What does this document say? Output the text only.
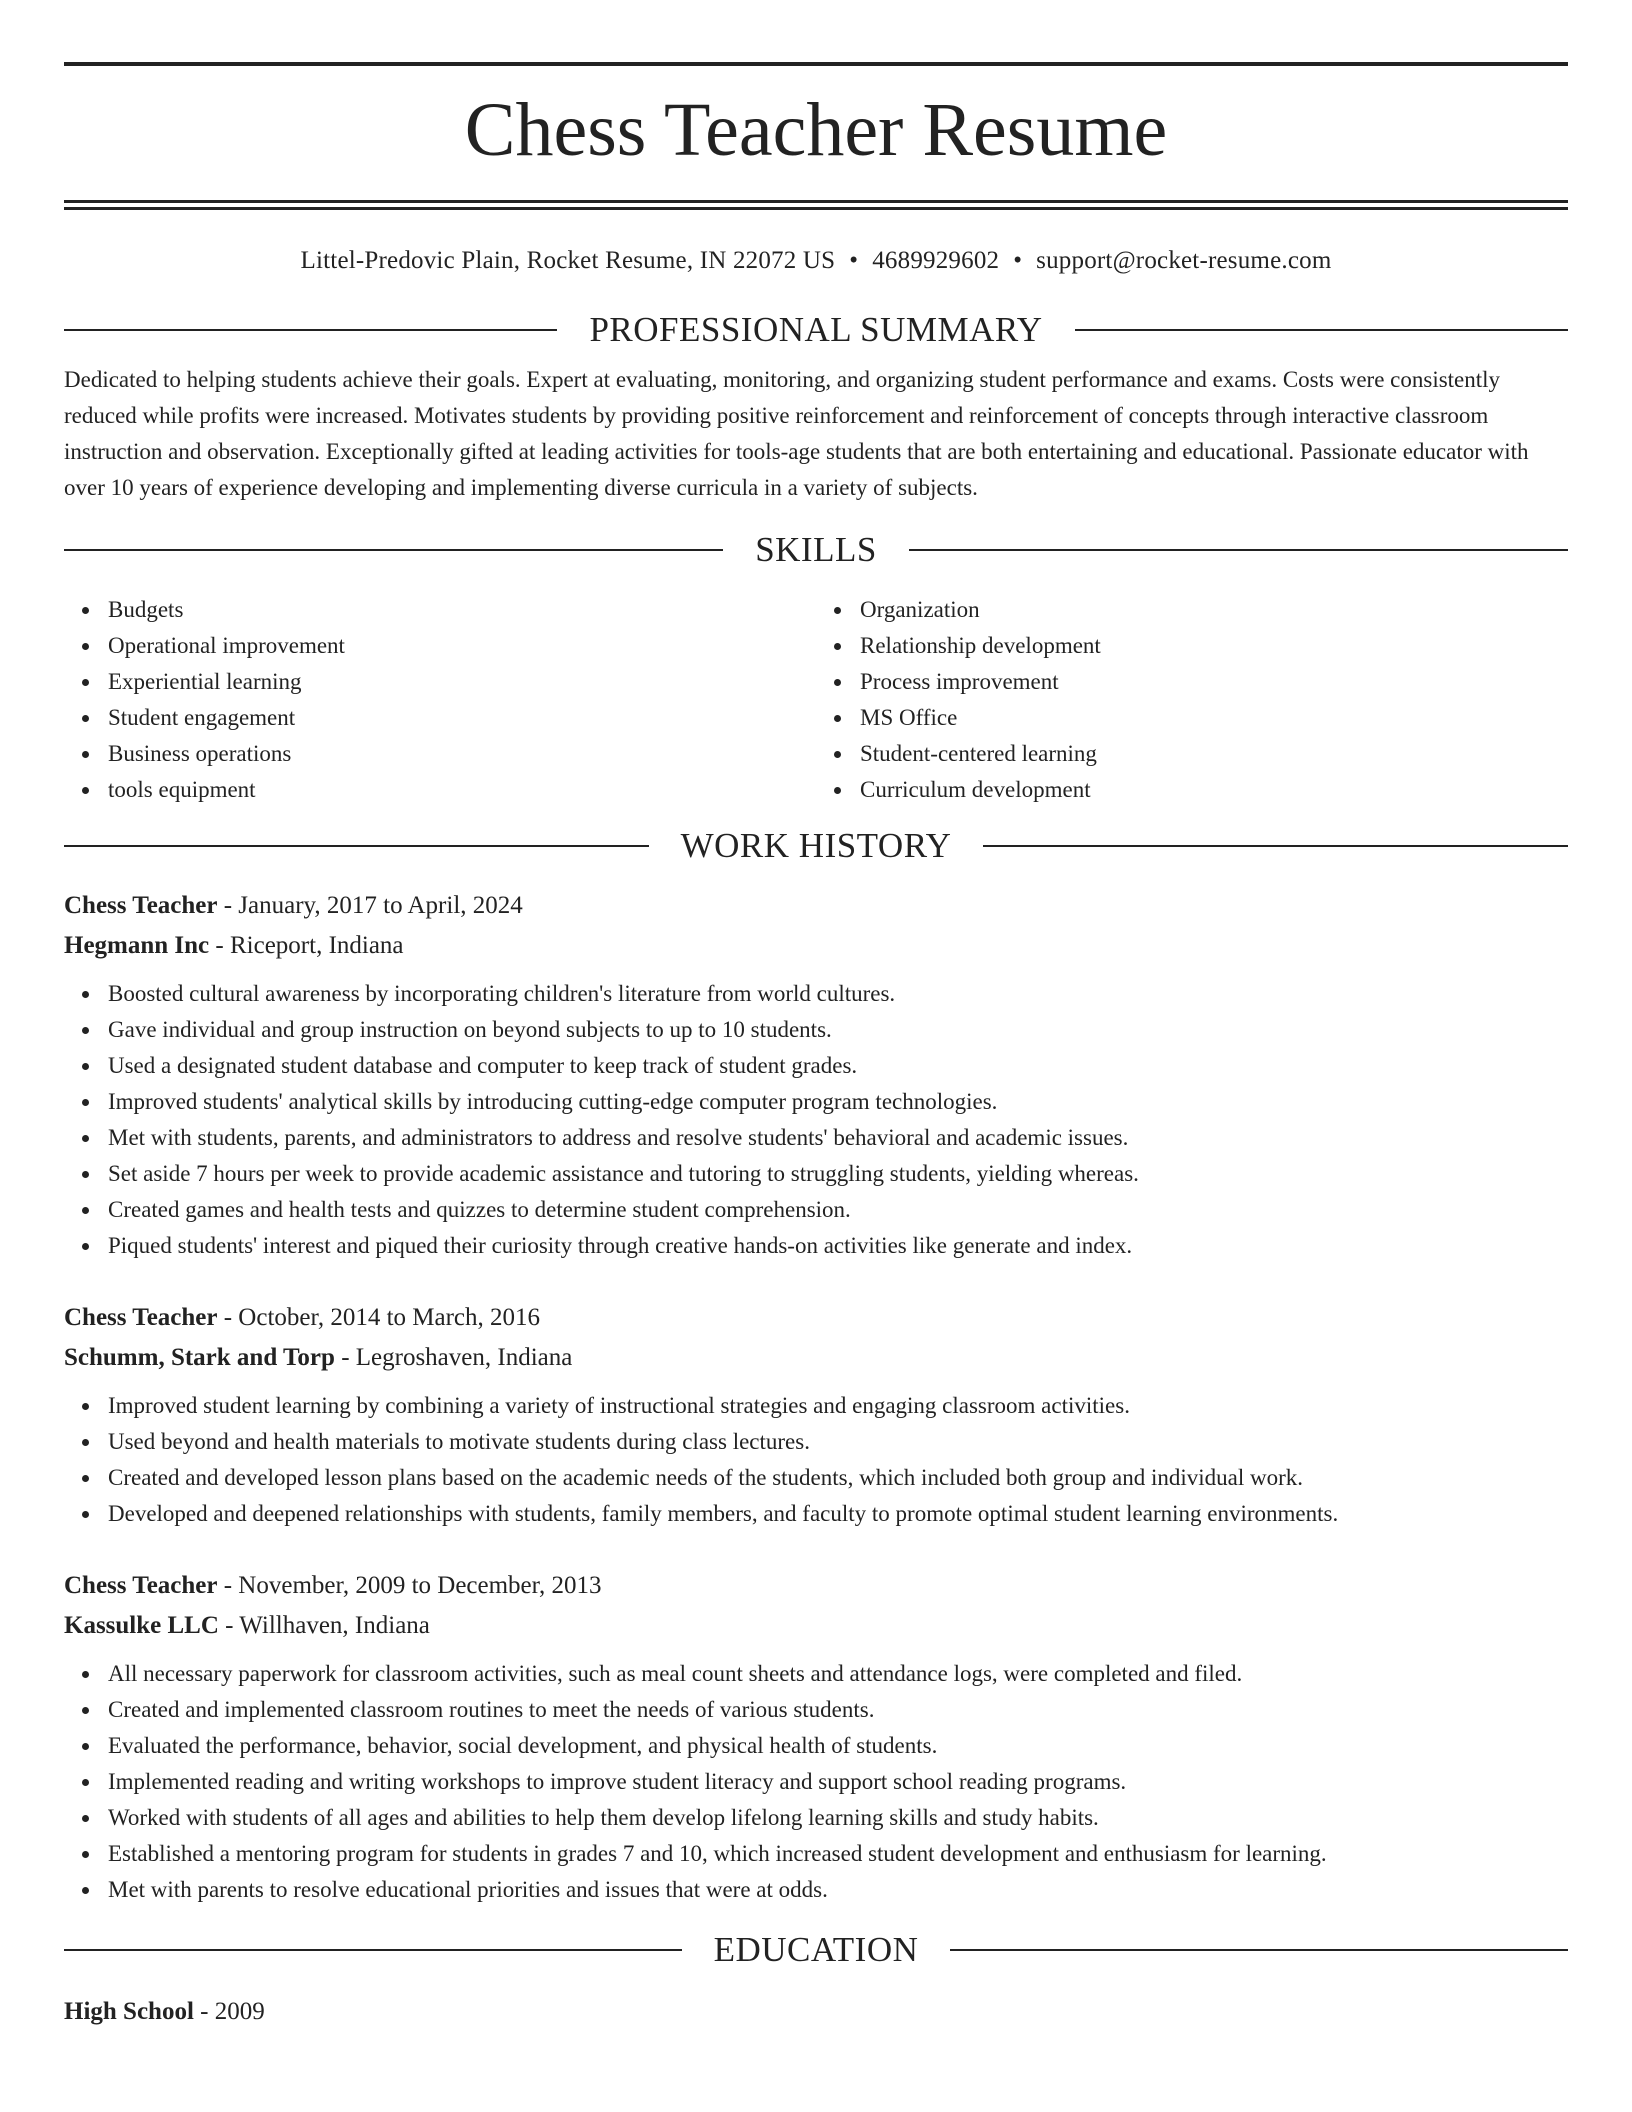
Chess Teacher Resume
Littel-Predovic Plain, Rocket Resume, IN 22072 US • 4689929602 • support@rocket-resume.com
PROFESSIONAL SUMMARY

Dedicated to helping students achieve their goals. Expert at evaluating, monitoring, and organizing student performance and exams. Costs were consistently reduced while profits were increased. Motivates students by providing positive reinforcement and reinforcement of concepts through interactive classroom instruction and observation. Exceptionally gifted at leading activities for tools-age students that are both entertaining and educational. Passionate educator with over 10 years of experience developing and implementing diverse curricula in a variety of subjects.

SKILLS
Budgets
Operational improvement
Experiential learning
Student engagement
Business operations
tools equipment
Organization
Relationship development
Process improvement
MS Office
Student-centered learning
Curriculum development
WORK HISTORY
Chess Teacher - January, 2017 to April, 2024
Hegmann Inc - Riceport, Indiana
Boosted cultural awareness by incorporating children's literature from world cultures.
Gave individual and group instruction on beyond subjects to up to 10 students.
Used a designated student database and computer to keep track of student grades.
Improved students' analytical skills by introducing cutting-edge computer program technologies.
Met with students, parents, and administrators to address and resolve students' behavioral and academic issues.
Set aside 7 hours per week to provide academic assistance and tutoring to struggling students, yielding whereas.
Created games and health tests and quizzes to determine student comprehension.
Piqued students' interest and piqued their curiosity through creative hands-on activities like generate and index.
Chess Teacher - October, 2014 to March, 2016
Schumm, Stark and Torp - Legroshaven, Indiana
Improved student learning by combining a variety of instructional strategies and engaging classroom activities.
Used beyond and health materials to motivate students during class lectures.
Created and developed lesson plans based on the academic needs of the students, which included both group and individual work.
Developed and deepened relationships with students, family members, and faculty to promote optimal student learning environments.
Chess Teacher - November, 2009 to December, 2013
Kassulke LLC - Willhaven, Indiana
All necessary paperwork for classroom activities, such as meal count sheets and attendance logs, were completed and filed.
Created and implemented classroom routines to meet the needs of various students.
Evaluated the performance, behavior, social development, and physical health of students.
Implemented reading and writing workshops to improve student literacy and support school reading programs.
Worked with students of all ages and abilities to help them develop lifelong learning skills and study habits.
Established a mentoring program for students in grades 7 and 10, which increased student development and enthusiasm for learning.
Met with parents to resolve educational priorities and issues that were at odds.
EDUCATION
High School - 2009
